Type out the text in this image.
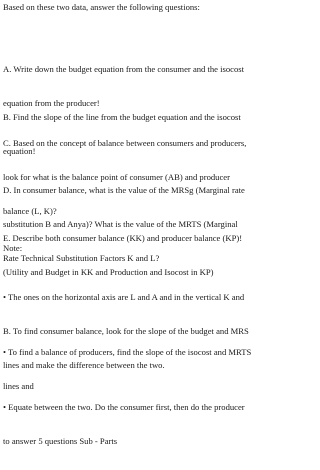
Based on these two data, answer the following questions:

A. Write down the budget equation from the consumer and the isocost

equation from the producer!

B. Find the slope of the line from the budget equation and the isocost

equation!

C. Based on the concept of balance between consumers and producers,

look for what is the balance point of consumer (AB) and producer

balance (L, K)?

D. In consumer balance, what is the value of the MRSg (Marginal rate

substitution B and Anya)? What is the value of the MRTS (Marginal

Rate Technical Substitution Factors K and L?

E. Describe both consumer balance (KK) and producer balance (KP)!

(Utility and Budget in KK and Production and Isocost in KP)

Note:

• The ones on the horizontal axis are L and A and in the vertical K and

B. To find consumer balance, look for the slope of the budget and MRS

lines and make the difference between the two.

• To find a balance of producers, find the slope of the isocost and MRTS

lines and

• Equate between the two. Do the consumer first, then do the producer

to answer 5 questions Sub - Parts
